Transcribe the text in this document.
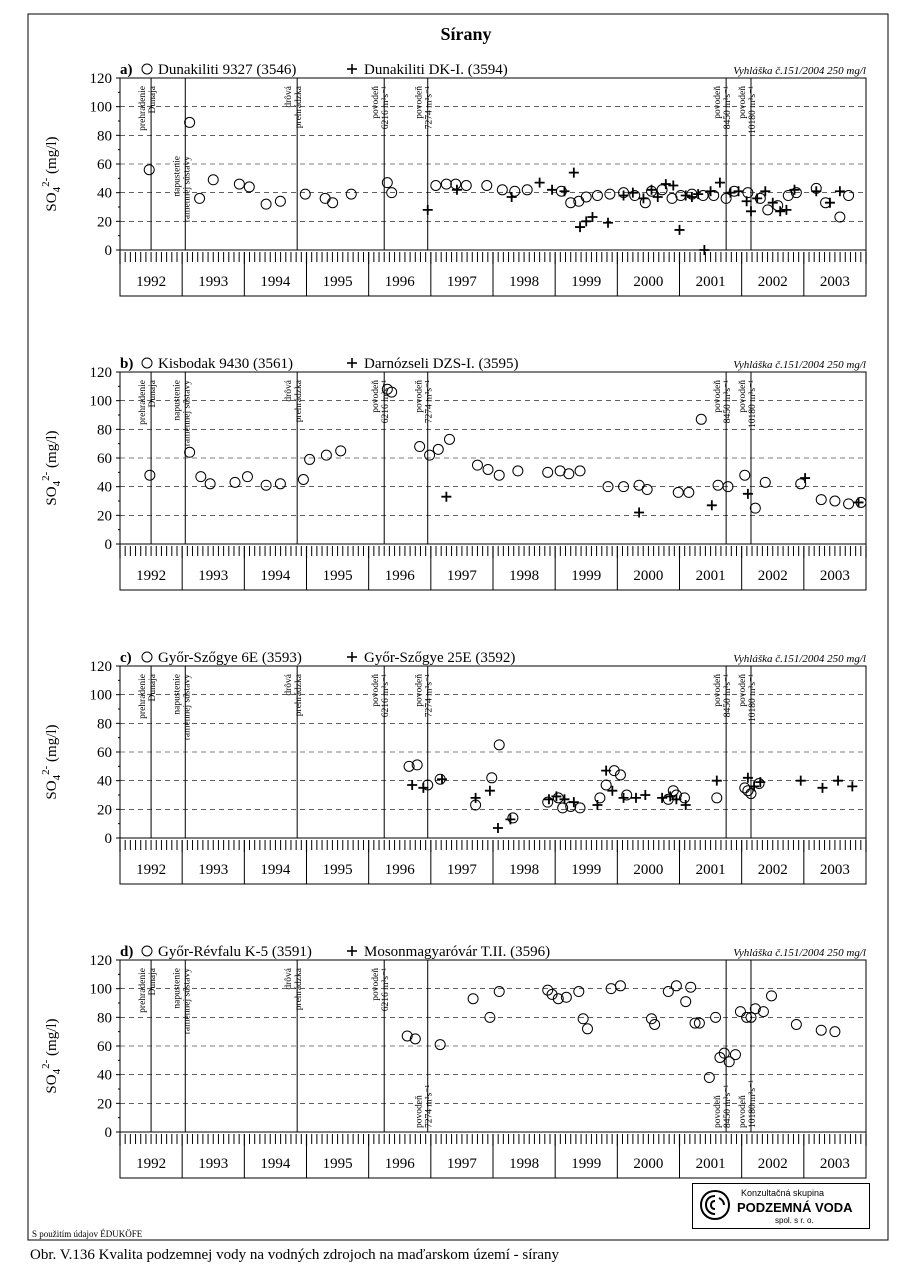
Sírany
0
20
40
60
80
100
120
1992 1993 1994 1995 1996 1997 1998 1999 2000 2001 2002 2003
prehradenie Dunaja
napustenie ramennej sústavy
drôvá prehrádzka	povodeň 6216 m³s⁻¹ povodeň 7274 m³s⁻¹	povodeň 8450 m³s⁻¹ povodeň 10180 m³s⁻¹
$SO_4^{2-}$ (mg/l)
a) Dunakiliti 9327 (3546)	Dunakiliti DK-I. (3594)	Vyhláška č.151/2004 250 mg/l
0
20
40
60
80
100
120
1992 1993 1994 1995 1996 1997 1998 1999 2000 2001 2002 2003
prehradenie Dunaja napustenie ramennej sústavy	drôvá prehrádzka	povodeň 6216 m³s⁻¹ povodeň 7274 m³s⁻¹	povodeň 8450 m³s⁻¹ povodeň 10180 m³s⁻¹
$SO_4^{2-}$ (mg/l)
b) Kisbodak 9430 (3561)	Darnózseli DZS-I. (3595)	Vyhláška č.151/2004 250 mg/l
0
20
40
60
80
100
120
1992 1993 1994 1995 1996 1997 1998 1999 2000 2001 2002 2003
prehradenie Dunaja napustenie ramennej sústavy	drôvá prehrádzka	povodeň 6216 m³s⁻¹ povodeň 7274 m³s⁻¹	povodeň 8450 m³s⁻¹ povodeň 10180 m³s⁻¹
$SO_4^{2-}$ (mg/l)
c) Győr-Szőgye 6E (3593)	Győr-Szőgye 25E (3592)	Vyhláška č.151/2004 250 mg/l
0
20
40
60
80
100
120
1992 1993 1994 1995 1996 1997 1998 1999 2000 2001 2002 2003
prehradenie Dunaja napustenie ramennej sústavy	drôvá prehrádzka	povodeň 6216 m³s⁻¹
povodeň 7274 m³s⁻¹	povodeň 8450 m³s⁻¹ povodeň 10180 m³s⁻¹
$SO_4^{2-}$ (mg/l)
d) Győr-Révfalu K-5 (3591)	Mosonmagyaróvár T.II. (3596)	Vyhláška č.151/2004 250 mg/l
Konzultačná skupina
PODZEMNÁ VODA
spol. s r. o.
S použitím údajov ÉDUKÖFE
Obr. V.136 Kvalita podzemnej vody na vodných zdrojoch na maďarskom území - sírany
